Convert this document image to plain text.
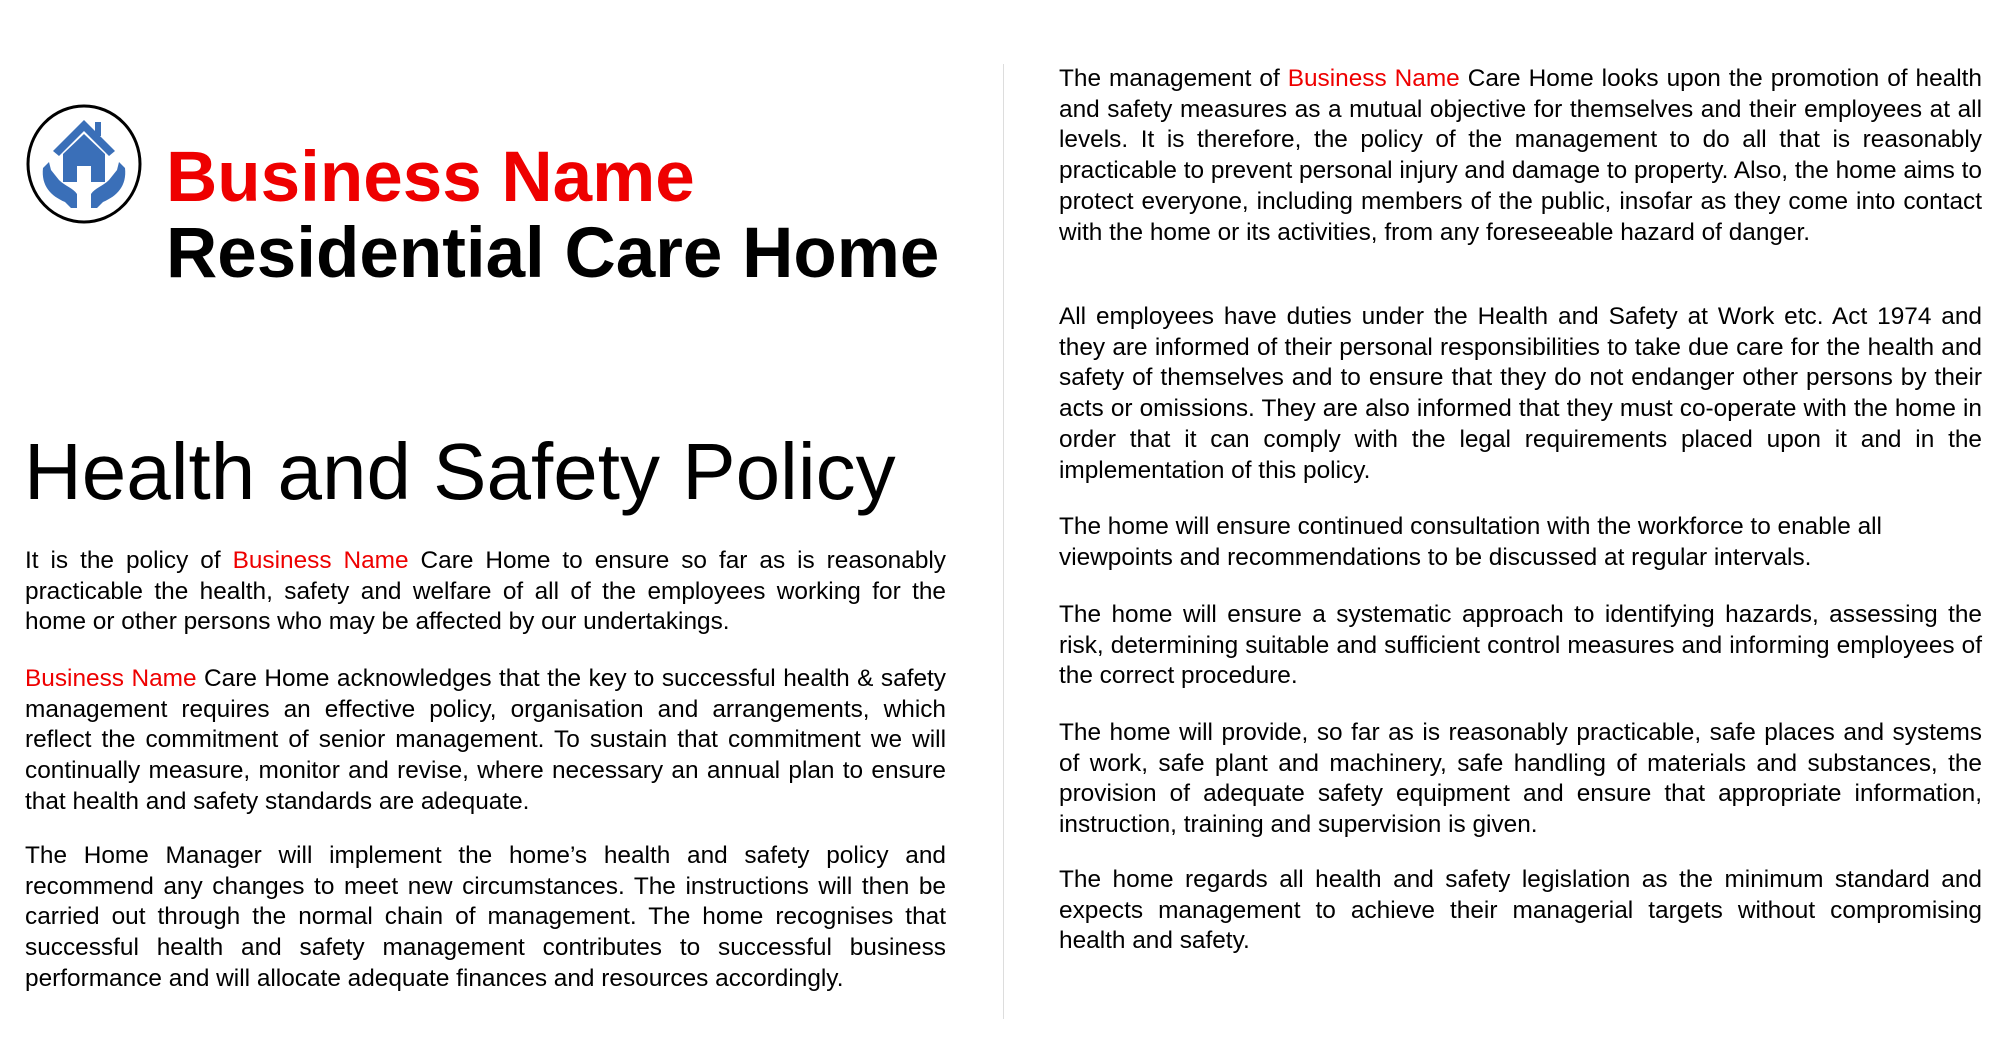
Business Name
Residential Care Home
Health and Safety Policy

It is the policy of Business Name Care Home to ensure so far as is reasonably practicable the health, safety and welfare of all of the employees working for the home or other persons who may be affected by our undertakings.

Business Name Care Home acknowledges that the key to successful health & safety management requires an effective policy, organisation and arrangements, which reflect the commitment of senior management. To sustain that commitment we will continually measure, monitor and revise, where necessary an annual plan to ensure that health and safety standards are adequate.

The Home Manager will implement the home’s health and safety policy and recommend any changes to meet new circumstances. The instructions will then be carried out through the normal chain of management. The home recognises that successful health and safety management contributes to successful business performance and will allocate adequate finances and resources accordingly.

The management of Business Name Care Home looks upon the promotion of health and safety measures as a mutual objective for themselves and their employees at all levels. It is therefore, the policy of the management to do all that is reasonably practicable to prevent personal injury and damage to property. Also, the home aims to protect everyone, including members of the public, insofar as they come into contact with the home or its activities, from any foreseeable hazard of danger.

All employees have duties under the Health and Safety at Work etc. Act 1974 and they are informed of their personal responsibilities to take due care for the health and safety of themselves and to ensure that they do not endanger other persons by their acts or omissions. They are also informed that they must co-operate with the home in order that it can comply with the legal requirements placed upon it and in the implementation of this policy.

The home will ensure continued consultation with the workforce to enable all viewpoints and recommendations to be discussed at regular intervals.

The home will ensure a systematic approach to identifying hazards, assessing the risk, determining suitable and sufficient control measures and informing employees of the correct procedure.

The home will provide, so far as is reasonably practicable, safe places and systems of work, safe plant and machinery, safe handling of materials and substances, the provision of adequate safety equipment and ensure that appropriate information, instruction, training and supervision is given.

The home regards all health and safety legislation as the minimum standard and expects management to achieve their managerial targets without compromising health and safety.
